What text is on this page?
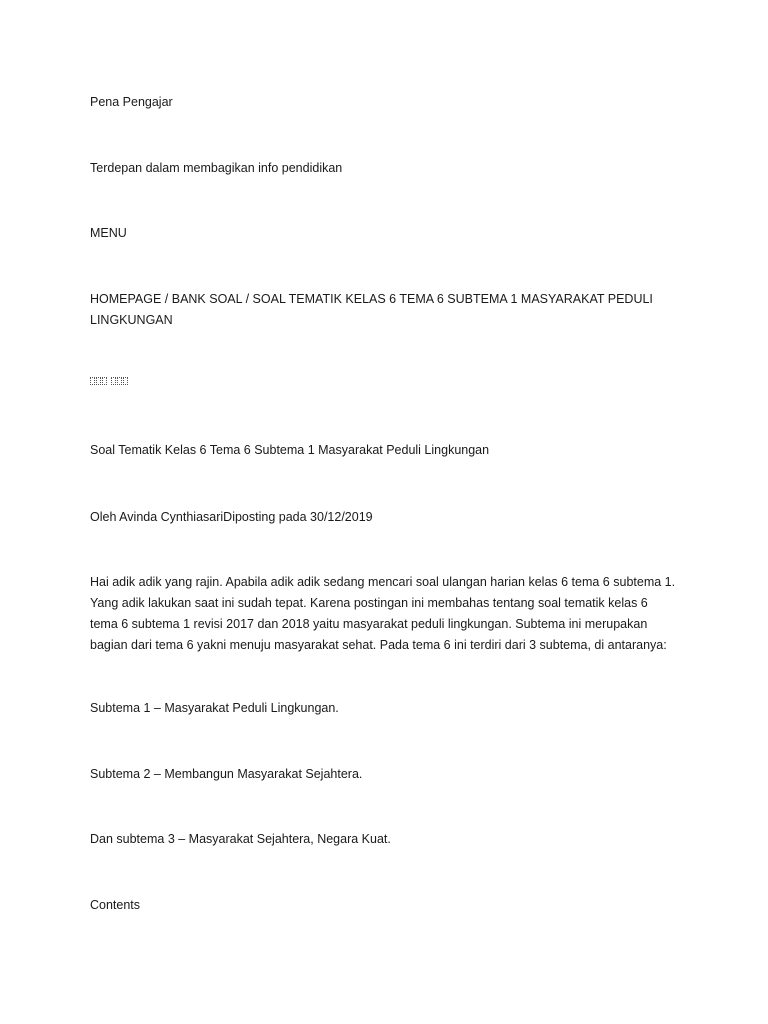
Pena Pengajar
Terdepan dalam membagikan info pendidikan
MENU
HOMEPAGE / BANK SOAL / SOAL TEMATIK KELAS 6 TEMA 6 SUBTEMA 1 MASYARAKAT PEDULI
LINGKUNGAN
Soal Tematik Kelas 6 Tema 6 Subtema 1 Masyarakat Peduli Lingkungan
Oleh Avinda CynthiasariDiposting pada 30/12/2019
Hai adik adik yang rajin. Apabila adik adik sedang mencari soal ulangan harian kelas 6 tema 6 subtema 1.
Yang adik lakukan saat ini sudah tepat. Karena postingan ini membahas tentang soal tematik kelas 6
tema 6 subtema 1 revisi 2017 dan 2018 yaitu masyarakat peduli lingkungan. Subtema ini merupakan
bagian dari tema 6 yakni menuju masyarakat sehat. Pada tema 6 ini terdiri dari 3 subtema, di antaranya:
Subtema 1 – Masyarakat Peduli Lingkungan.
Subtema 2 – Membangun Masyarakat Sejahtera.
Dan subtema 3 – Masyarakat Sejahtera, Negara Kuat.
Contents
